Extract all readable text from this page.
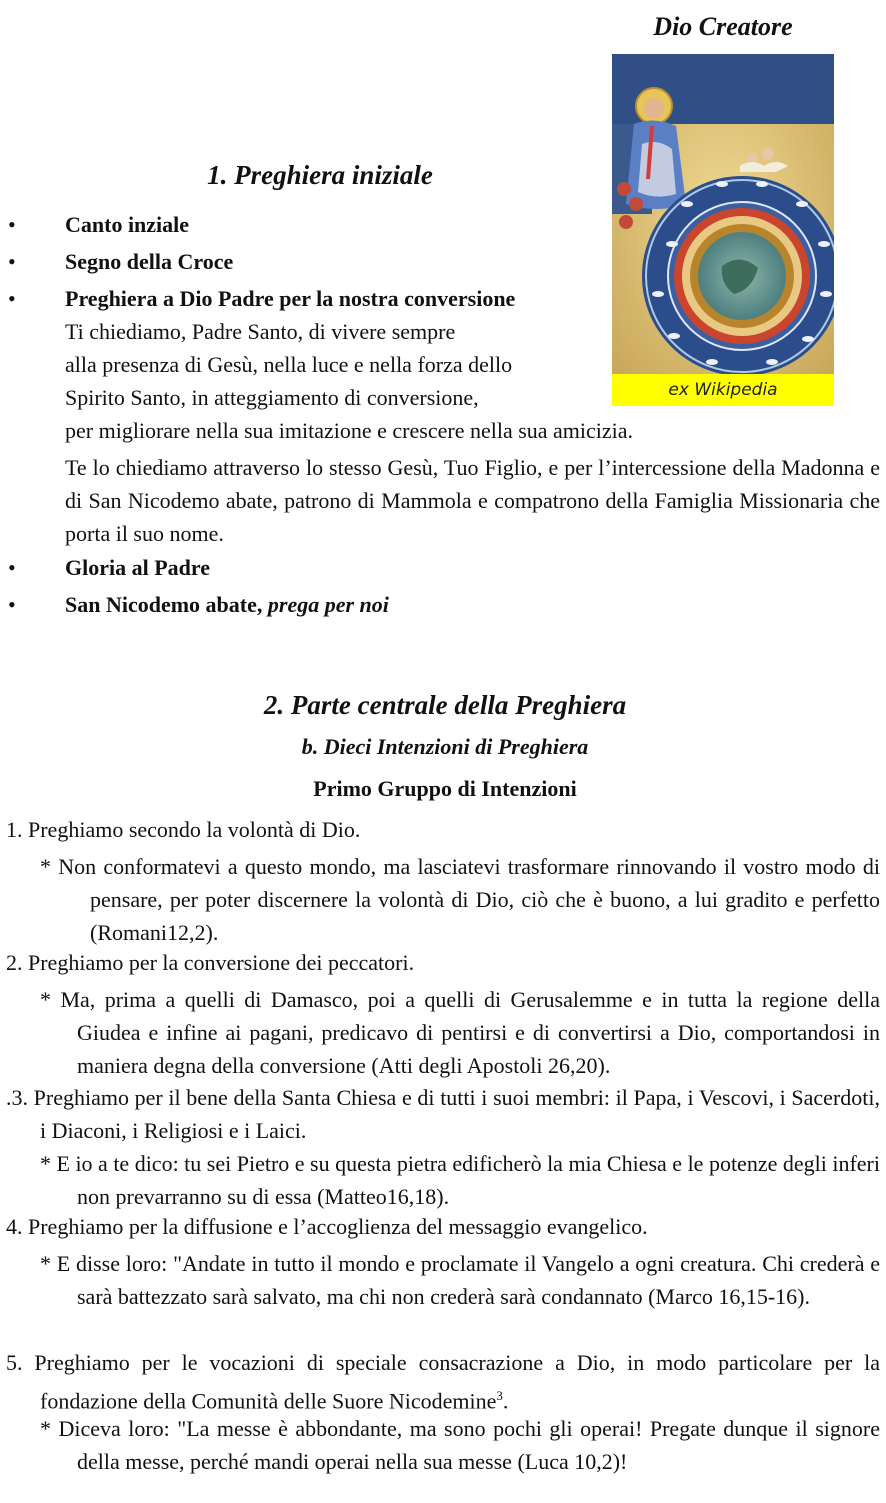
Dio Creatore
ex Wikipedia
1. Preghiera iniziale
• Canto inziale
• Segno della Croce
• Preghiera a Dio Padre per la nostra conversione
Ti chiediamo, Padre Santo, di vivere sempre
alla presenza di Gesù, nella luce e nella forza dello
Spirito Santo, in atteggiamento di conversione,
per migliorare nella sua imitazione e crescere nella sua amicizia.
Te lo chiediamo attraverso lo stesso Gesù, Tuo Figlio, e per l’intercessione della Madonna e di San Nicodemo abate, patrono di Mammola e compatrono della Famiglia Missionaria che porta il suo nome.
• Gloria al Padre
• San Nicodemo abate, prega per noi
2. Parte centrale della Preghiera
b. Dieci Intenzioni di Preghiera
Primo Gruppo di Intenzioni
1. Preghiamo secondo la volontà di Dio.
* Non conformatevi a questo mondo, ma lasciatevi trasformare rinnovando il vostro modo di pensare, per poter discernere la volontà di Dio, ciò che è buono, a lui gradito e perfetto (Romani12,2).
2. Preghiamo per la conversione dei peccatori.
* Ma, prima a quelli di Damasco, poi a quelli di Gerusalemme e in tutta la regione della Giudea e infine ai pagani, predicavo di pentirsi e di convertirsi a Dio, comportandosi in maniera degna della conversione (Atti degli Apostoli 26,20).
.3. Preghiamo per il bene della Santa Chiesa e di tutti i suoi membri: il Papa, i Vescovi, i Sacerdoti, i Diaconi, i Religiosi e i Laici.
* E io a te dico: tu sei Pietro e su questa pietra edificherò la mia Chiesa e le potenze degli inferi non prevarranno su di essa (Matteo16,18).
4. Preghiamo per la diffusione e l’accoglienza del messaggio evangelico.
* E disse loro: "Andate in tutto il mondo e proclamate il Vangelo a ogni creatura. Chi crederà e sarà battezzato sarà salvato, ma chi non crederà sarà condannato (Marco 16,15-16).
5. Preghiamo per le vocazioni di speciale consacrazione a Dio, in modo particolare per la fondazione della Comunità delle Suore Nicodemine$^3$.
* Diceva loro: "La messe è abbondante, ma sono pochi gli operai! Pregate dunque il signore della messe, perché mandi operai nella sua messe (Luca 10,2)!
